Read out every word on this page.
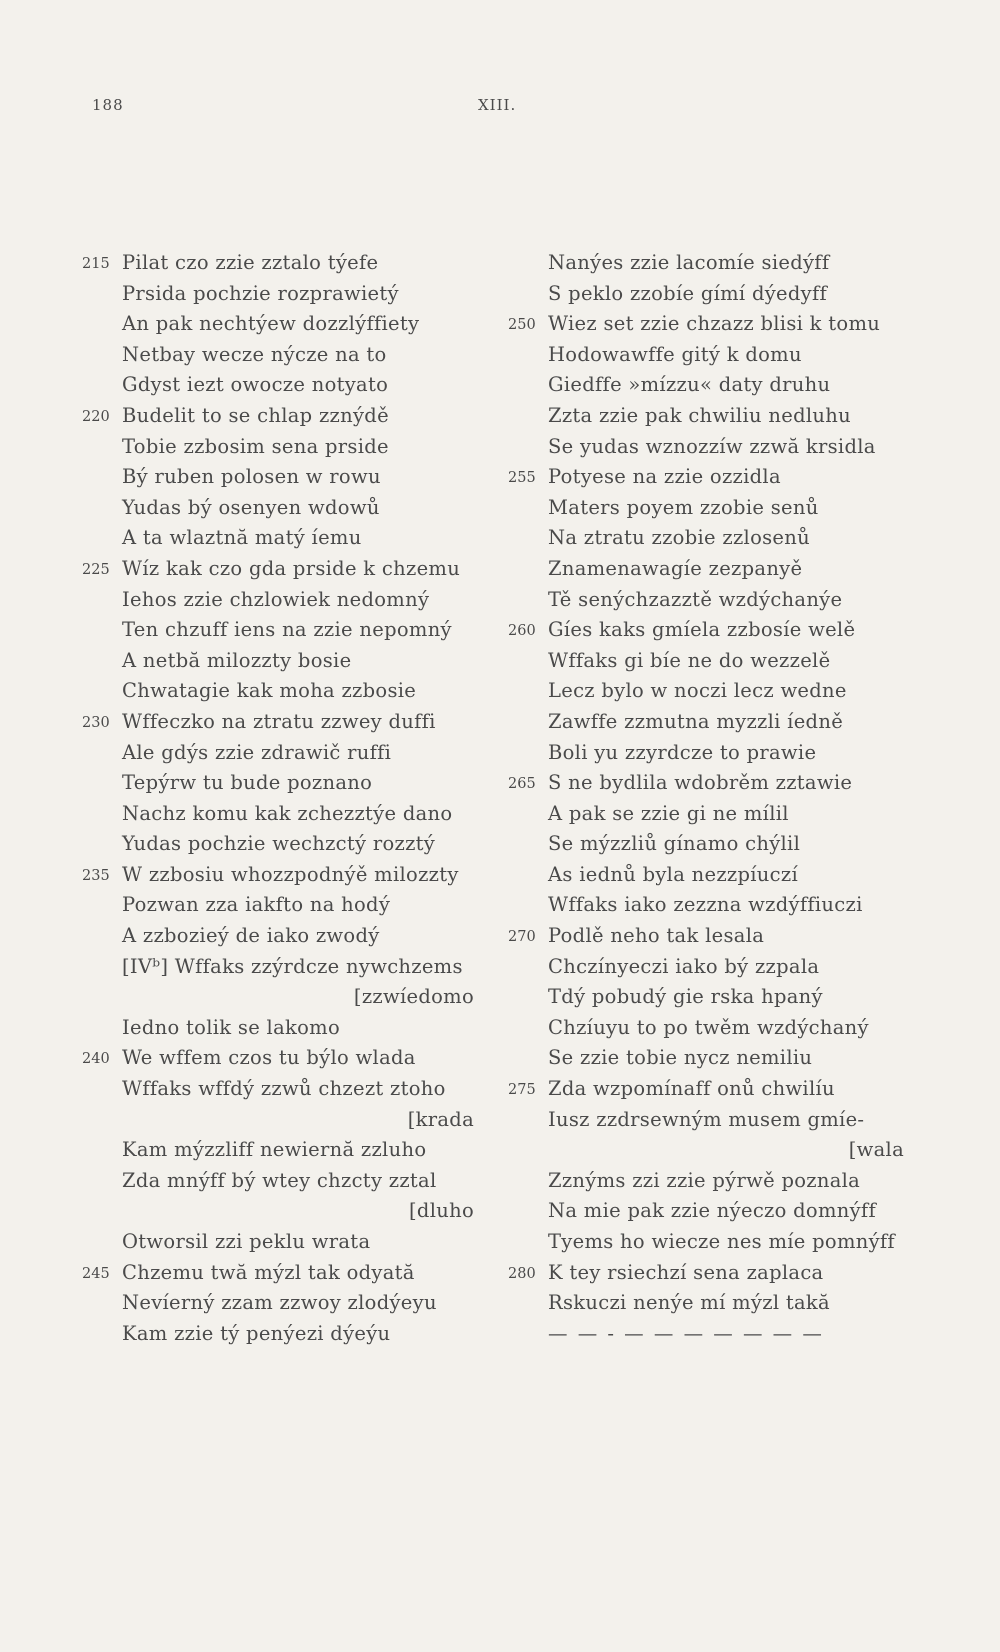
188	XIII.
215 Pilat czo zzie zztalo týefe
Prsida pochzie rozprawietý
An pak nechtýew dozzlýffiety
Netbay wecze nýcze na to
Gdyst iezt owocze notyato
220 Budelit to se chlap zznýdě
Tobie zzbosim sena prside
Bý ruben polosen w rowu
Yudas bý osenyen wdowů
A ta wlaztnă matý íemu
225 Wíz kak czo gda prside k chzemu
Iehos zzie chzlowiek nedomný
Ten chzuff iens na zzie nepomný
A netbă milozzty bosie
Chwatagie kak moha zzbosie
230 Wffeczko na ztratu zzwey duffi
Ale gdýs zzie zdrawič ruffi
Tepýrw tu bude poznano
Nachz komu kak zchezztýe dano
Yudas pochzie wechzctý rozztý
235 W zzbosiu whozzpodnýě milozzty
Pozwan zza iakfto na hodý
A zzbozieý de iako zwodý
[IVᵇ] Wffaks zzýrdcze nywchzems
[zzwíedomo
Iedno tolik se lakomo
240 We wffem czos tu býlo wlada
Wffaks wffdý zzwů chzezt ztoho
[krada
Kam mýzzliff newiernă zzluho
Zda mnýff bý wtey chzcty zztal
[dluho
Otworsil zzi peklu wrata
245 Chzemu twă mýzl tak odyată
Nevíerný zzam zzwoy zlodýeyu
Kam zzie tý penýezi dýeýu
Nanýes zzie lacomíe siedýff
S peklo zzobíe gímí dýedyff
250 Wiez set zzie chzazz blisi k tomu
Hodowawffe gitý k domu
Giedffe »mízzu« daty druhu
Zzta zzie pak chwiliu nedluhu
Se yudas wznozzíw zzwă krsidla
255 Potyese na zzie ozzidla
Maters poyem zzobie senů
Na ztratu zzobie zzlosenů
Znamenawagíe zezpanyě
Tě senýchzazztě wzdýchanýe
260 Gíes kaks gmíela zzbosíe welě
Wffaks gi bíe ne do wezzelě
Lecz bylo w noczi lecz wedne
Zawffe zzmutna myzzli íedně
Boli yu zzyrdcze to prawie
265 S ne bydlila wdobrěm zztawie
A pak se zzie gi ne mílil
Se mýzzliů gínamo chýlil
As iednů byla nezzpíuczí
Wffaks iako zezzna wzdýffiuczi
270 Podlě neho tak lesala
Chczínyeczi iako bý zzpala
Tdý pobudý gie rska hpaný
Chzíuyu to po twěm wzdýchaný
Se zzie tobie nycz nemiliu
275 Zda wzpomínaff onů chwilíu
Iusz zzdrsewným musem gmíe-
[wala
Zznýms zzi zzie pýrwě poznala
Na mie pak zzie nýeczo domnýff
Tyems ho wiecze nes míe pomnýff
280 K tey rsiechzí sena zaplaca
Rskuczi nenýe mí mýzl takă
— — - — — — — — — —
